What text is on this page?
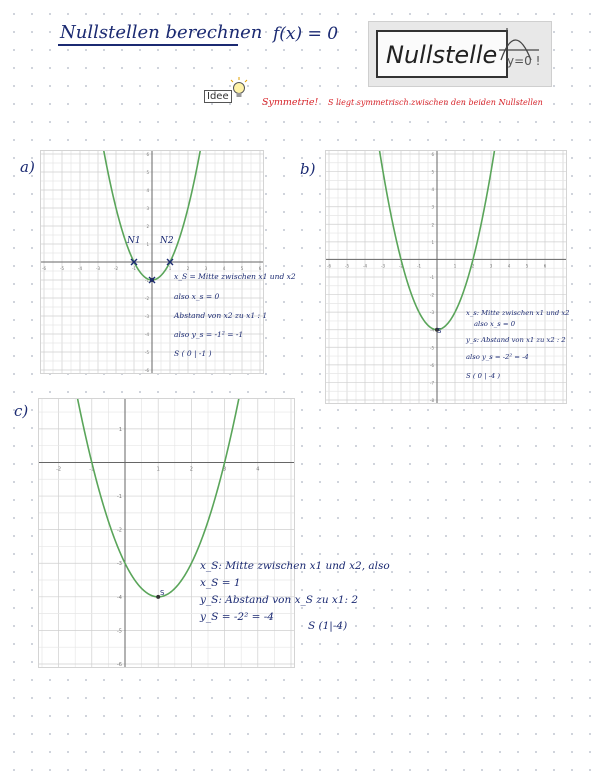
Nullstellen berechnen f(x) = 0
Nullstelle y=0 !
Idee
Symmetrie! S liegt symmetrisch zwischen den beiden Nullstellen
a)	b)
c)
-6	-5	-4	-3	-2	-1	1	2	3	4	5	6
-6
-5
-4
-3
-2
-1
1
2
3
4
5
6
-6	-5	-4	-3	-2	-1	1	2	3	4	5	6
-8
-7
-6
-5
-4
-3
-2
-1
1
2
3
4
5
6
-2	-1	1	2	3	4
-6
-5
-4
-3
-2
-1
1
N1 N2
x_S = Mitte zwischen x1 und x2
also x_s = 0
Abstand von x2 zu x1 : 1
also y_s = -1² = -1
S ( 0 | -1 )
S
x_s: Mitte zwischen x1 und x2
also x_s = 0
y_s: Abstand von x1 zu x2 : 2
also y_s = -2² = -4
S ( 0 | -4 )
S
x_S: Mitte zwischen x1 und x2, also
x_S = 1
y_S: Abstand von x_S zu x1: 2
y_S = -2² = -4
S (1|-4)
